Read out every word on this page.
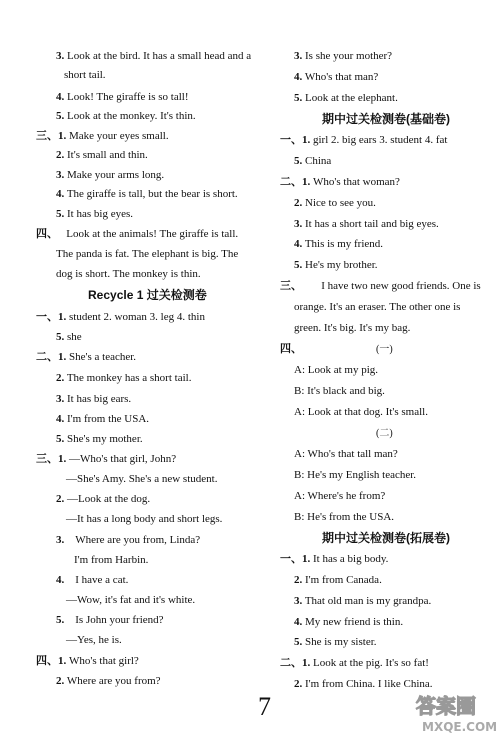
3. Look at the bird. It has a small head and a
short tail.
4. Look! The giraffe is so tall!
5. Look at the monkey. It's thin.
三、1. Make your eyes small.
2. It's small and thin.
3. Make your arms long.
4. The giraffe is tall, but the bear is short.
5. It has big eyes.
四、 Look at the animals! The giraffe is tall.
The panda is fat. The elephant is big. The
dog is short. The monkey is thin.
Recycle 1 过关检测卷
一、1. student 2. woman 3. leg 4. thin
5. she
二、1. She's a teacher.
2. The monkey has a short tail.
3. It has big ears.
4. I'm from the USA.
5. She's my mother.
三、1. —Who's that girl, John?
—She's Amy. She's a new student.
2. —Look at the dog.
—It has a long body and short legs.
3. Where are you from, Linda?
I'm from Harbin.
4. I have a cat.
—Wow, it's fat and it's white.
5. Is John your friend?
—Yes, he is.
四、1. Who's that girl?
2. Where are you from?
3. Is she your mother?
4. Who's that man?
5. Look at the elephant.
期中过关检测卷(基础卷)
一、1. girl 2. big ears 3. student 4. fat
5. China
二、1. Who's that woman?
2. Nice to see you.
3. It has a short tail and big eyes.
4. This is my friend.
5. He's my brother.
三、 I have two new good friends. One is
orange. It's an eraser. The other one is
green. It's big. It's my bag.
四、	(一)
A: Look at my pig.
B: It's black and big.
A: Look at that dog. It's small.
(二)
A: Who's that tall man?
B: He's my English teacher.
A: Where's he from?
B: He's from the USA.
期中过关检测卷(拓展卷)
一、1. It has a big body.
2. I'm from Canada.
3. That old man is my grandpa.
4. My new friend is thin.
5. She is my sister.
二、1. Look at the pig. It's so fat!
2. I'm from China. I like China.
7	答案圈
MXQE.COM
